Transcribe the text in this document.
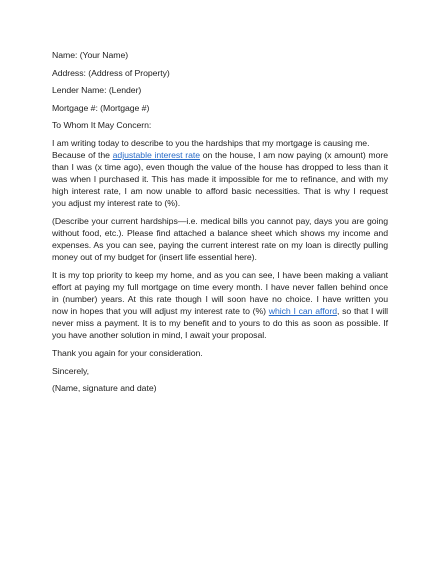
Name: (Your Name)
Address: (Address of Property)
Lender Name: (Lender)
Mortgage #: (Mortgage #)
To Whom It May Concern:
I am writing today to describe to you the hardships that my mortgage is causing me.
Because of the adjustable interest rate on the house, I am now paying (x amount) more
than I was (x time ago), even though the value of the house has dropped to less than it
was when I purchased it. This has made it impossible for me to refinance, and with my
high interest rate, I am now unable to afford basic necessities. That is why I request
you adjust my interest rate to (%).
(Describe your current hardships—i.e. medical bills you cannot pay, days you are going
without food, etc.). Please find attached a balance sheet which shows my income and
expenses. As you can see, paying the current interest rate on my loan is directly pulling
money out of my budget for (insert life essential here).
It is my top priority to keep my home, and as you can see, I have been making a valiant
effort at paying my full mortgage on time every month. I have never fallen behind once
in (number) years. At this rate though I will soon have no choice. I have written you
now in hopes that you will adjust my interest rate to (%) which I can afford, so that I will
never miss a payment. It is to my benefit and to yours to do this as soon as possible. If
you have another solution in mind, I await your proposal.
Thank you again for your consideration.
Sincerely,
(Name, signature and date)
